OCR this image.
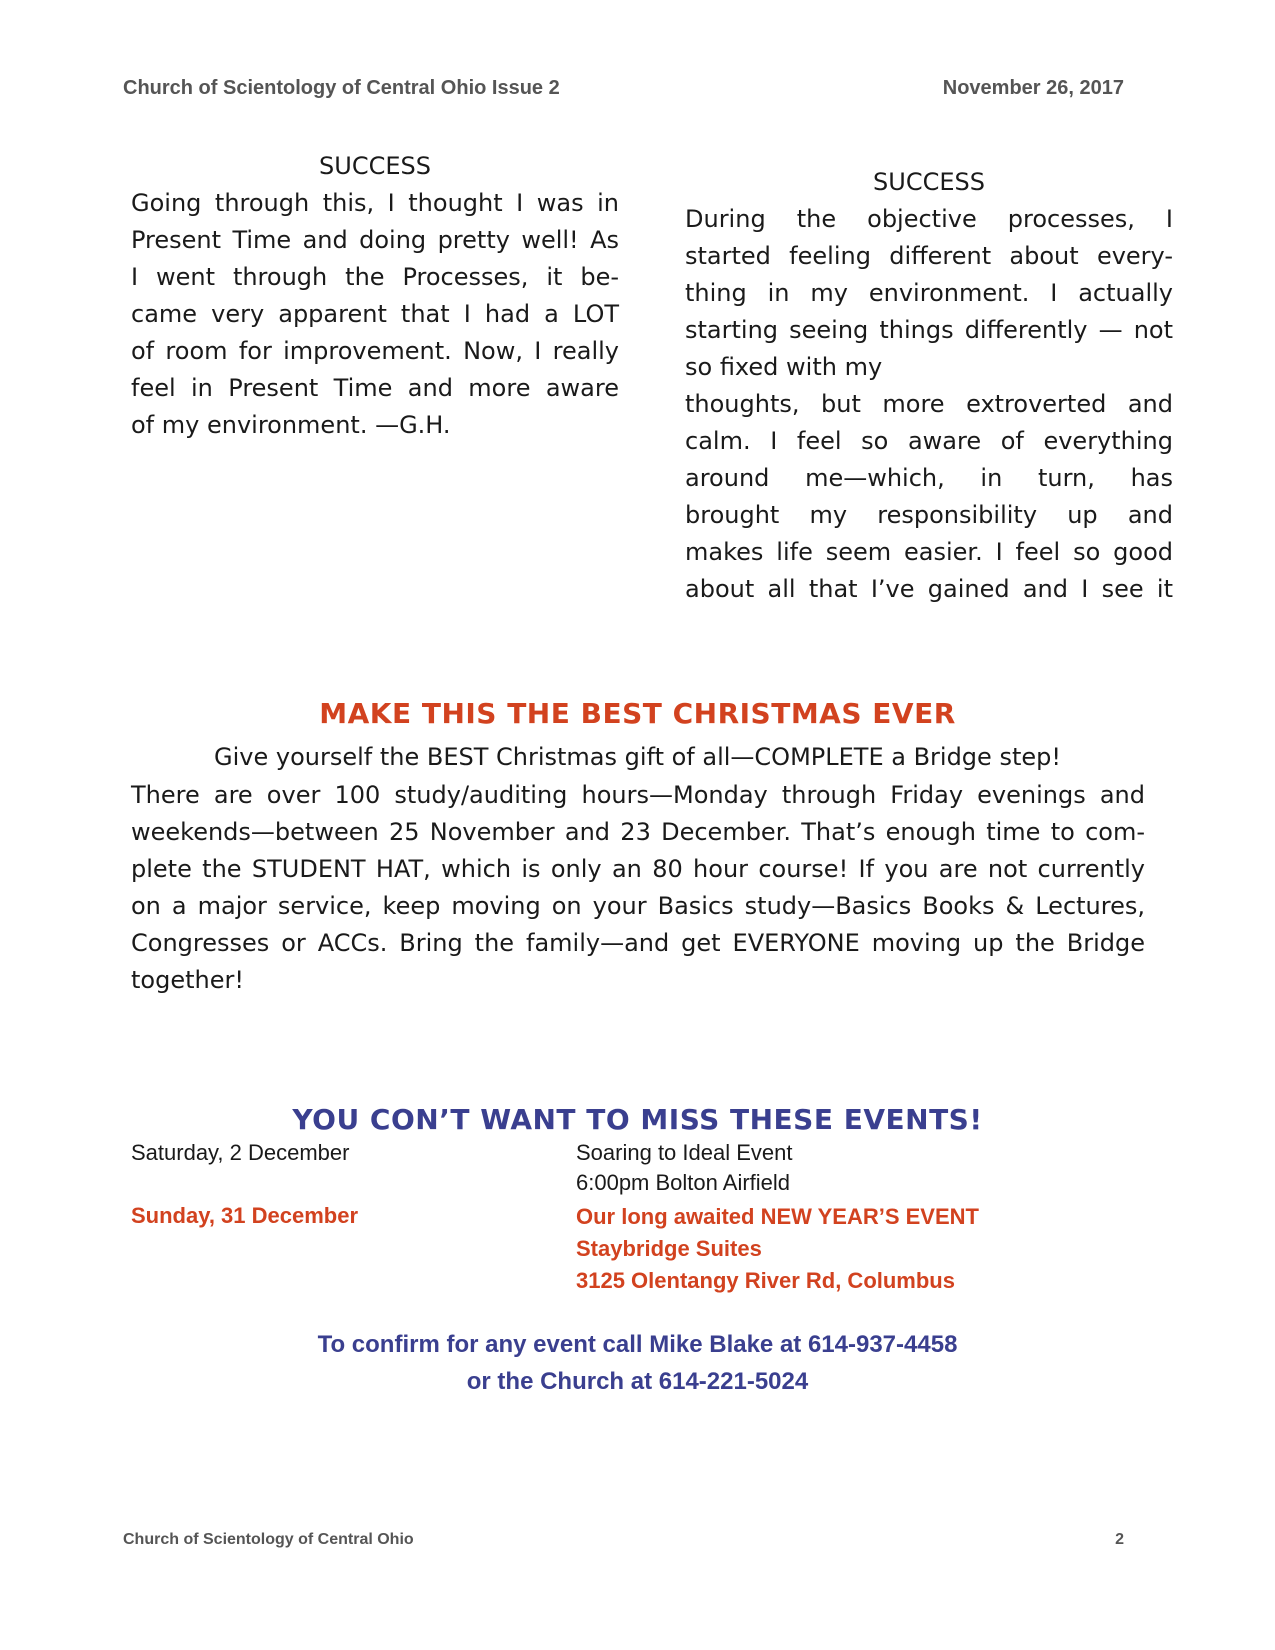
Church of Scientology of Central Ohio Issue 2	November 26, 2017
SUCCESS
Going through this, I thought I was in
Present Time and doing pretty well! As
I went through the Processes, it be-
came very apparent that I had a LOT
of room for improvement. Now, I really
feel in Present Time and more aware
of my environment. —G.H.
SUCCESS
During the objective processes, I
started feeling different about every-
thing in my environment. I actually
starting seeing things differently — not
so fixed with my
thoughts, but more extroverted and
calm. I feel so aware of everything
around me—which, in turn, has
brought my responsibility up and
makes life seem easier. I feel so good
about all that I’ve gained and I see it
MAKE THIS THE BEST CHRISTMAS EVER
Give yourself the BEST Christmas gift of all—COMPLETE a Bridge step!
There are over 100 study/auditing hours—Monday through Friday evenings and
weekends—between 25 November and 23 December. That’s enough time to com-
plete the STUDENT HAT, which is only an 80 hour course! If you are not currently
on a major service, keep moving on your Basics study—Basics Books & Lectures,
Congresses or ACCs. Bring the family—and get EVERYONE moving up the Bridge
together!
YOU CON’T WANT TO MISS THESE EVENTS!
Saturday, 2 December	Soaring to Ideal Event
6:00pm Bolton Airfield
Sunday, 31 December	Our long awaited NEW YEAR’S EVENT
Staybridge Suites
3125 Olentangy River Rd, Columbus
To confirm for any event call Mike Blake at 614-937-4458
or the Church at 614-221-5024
Church of Scientology of Central Ohio	2
